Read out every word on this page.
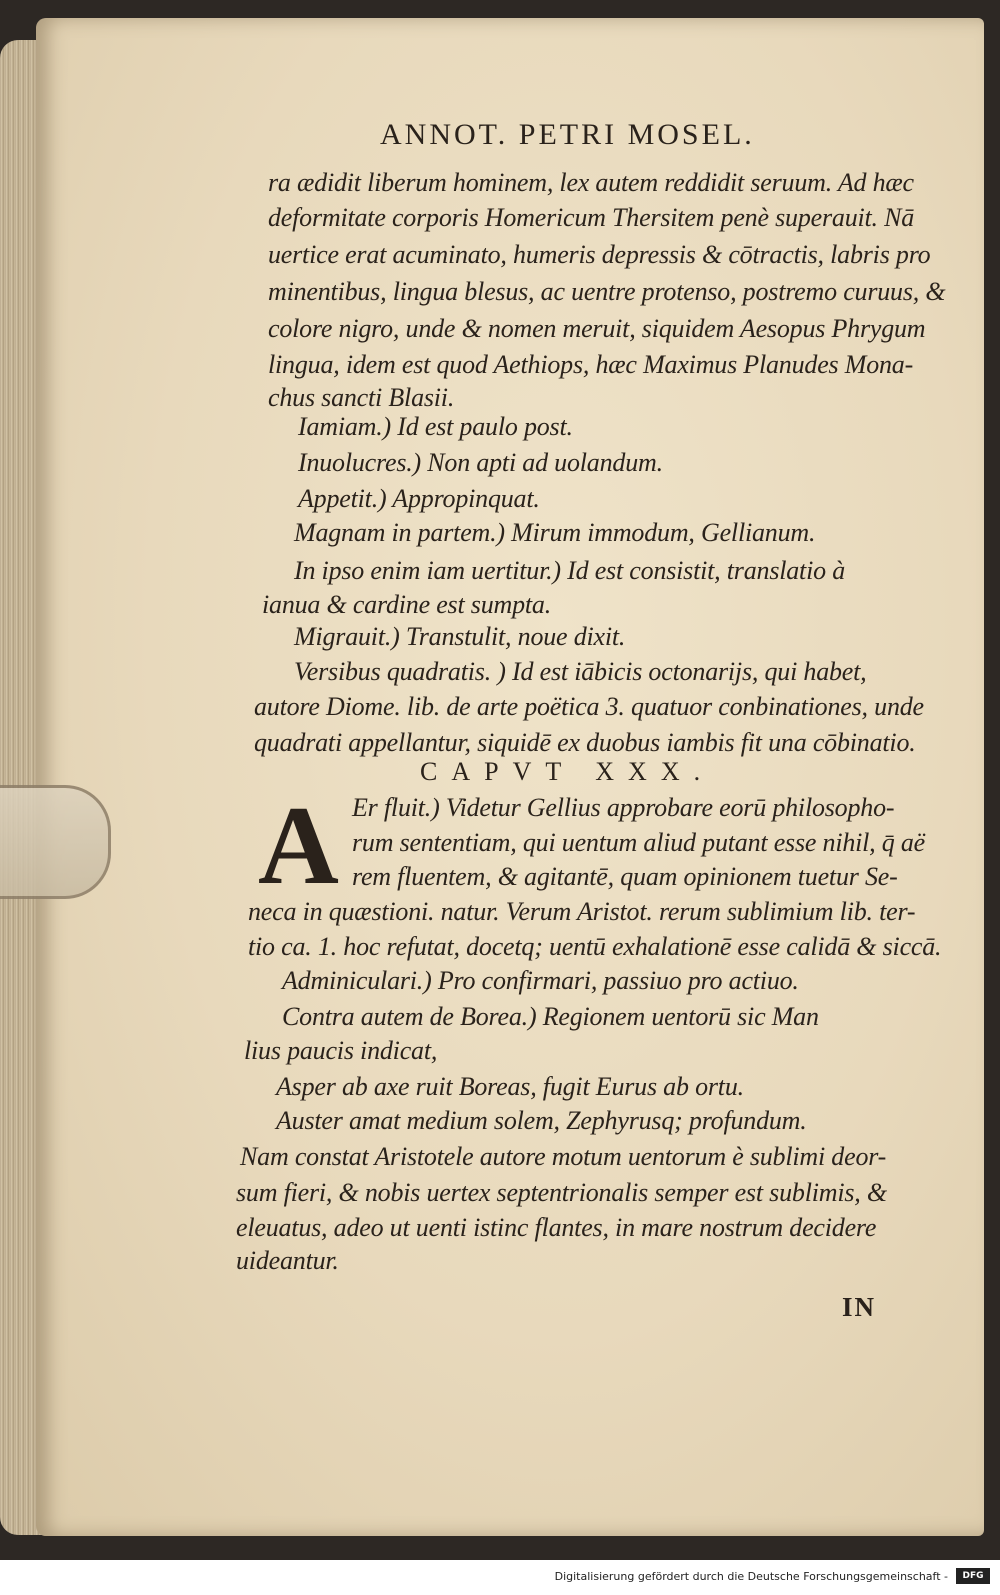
ANNOT. PETRI MOSEL.
ra ædidit liberum hominem, lex autem reddidit seruum. Ad hæc
deformitate corporis Homericum Thersitem penè superauit. Nā
uertice erat acuminato, humeris depressis & cōtractis, labris pro
minentibus, lingua blesus, ac uentre protenso, postremo curuus, &
colore nigro, unde & nomen meruit, siquidem Aesopus Phrygum
lingua, idem est quod Aethiops, hæc Maximus Planudes Mona-
chus sancti Blasii.
Iamiam.) Id est paulo post.
Inuolucres.) Non apti ad uolandum.
Appetit.) Appropinquat.
Magnam in partem.) Mirum immodum, Gellianum.
In ipso enim iam uertitur.) Id est consistit, translatio à
ianua & cardine est sumpta.
Migrauit.) Transtulit, noue dixit.
Versibus quadratis. ) Id est iābicis octonarijs, qui habet,
autore Diome. lib. de arte poëtica 3. quatuor conbinationes, unde
quadrati appellantur, siquidē ex duobus iambis fit una cōbinatio.
CAPVT XXX.
A Er fluit.) Videtur Gellius approbare eorū philosopho-
rum sententiam, qui uentum aliud putant esse nihil, q̄ aë
rem fluentem, & agitantē, quam opinionem tuetur Se-
neca in quæstioni. natur. Verum Aristot. rerum sublimium lib. ter-
tio ca. 1. hoc refutat, docetq; uentū exhalationē esse calidā & siccā.
Adminiculari.) Pro confirmari, passiuo pro actiuo.
Contra autem de Borea.) Regionem uentorū sic Man
lius paucis indicat,
Asper ab axe ruit Boreas, fugit Eurus ab ortu.
Auster amat medium solem, Zephyrusq; profundum.
Nam constat Aristotele autore motum uentorum è sublimi deor-
sum fieri, & nobis uertex septentrionalis semper est sublimis, &
eleuatus, adeo ut uenti istinc flantes, in mare nostrum decidere
uideantur.
IN
Digitalisierung gefördert durch die Deutsche Forschungsgemeinschaft -	DFG
